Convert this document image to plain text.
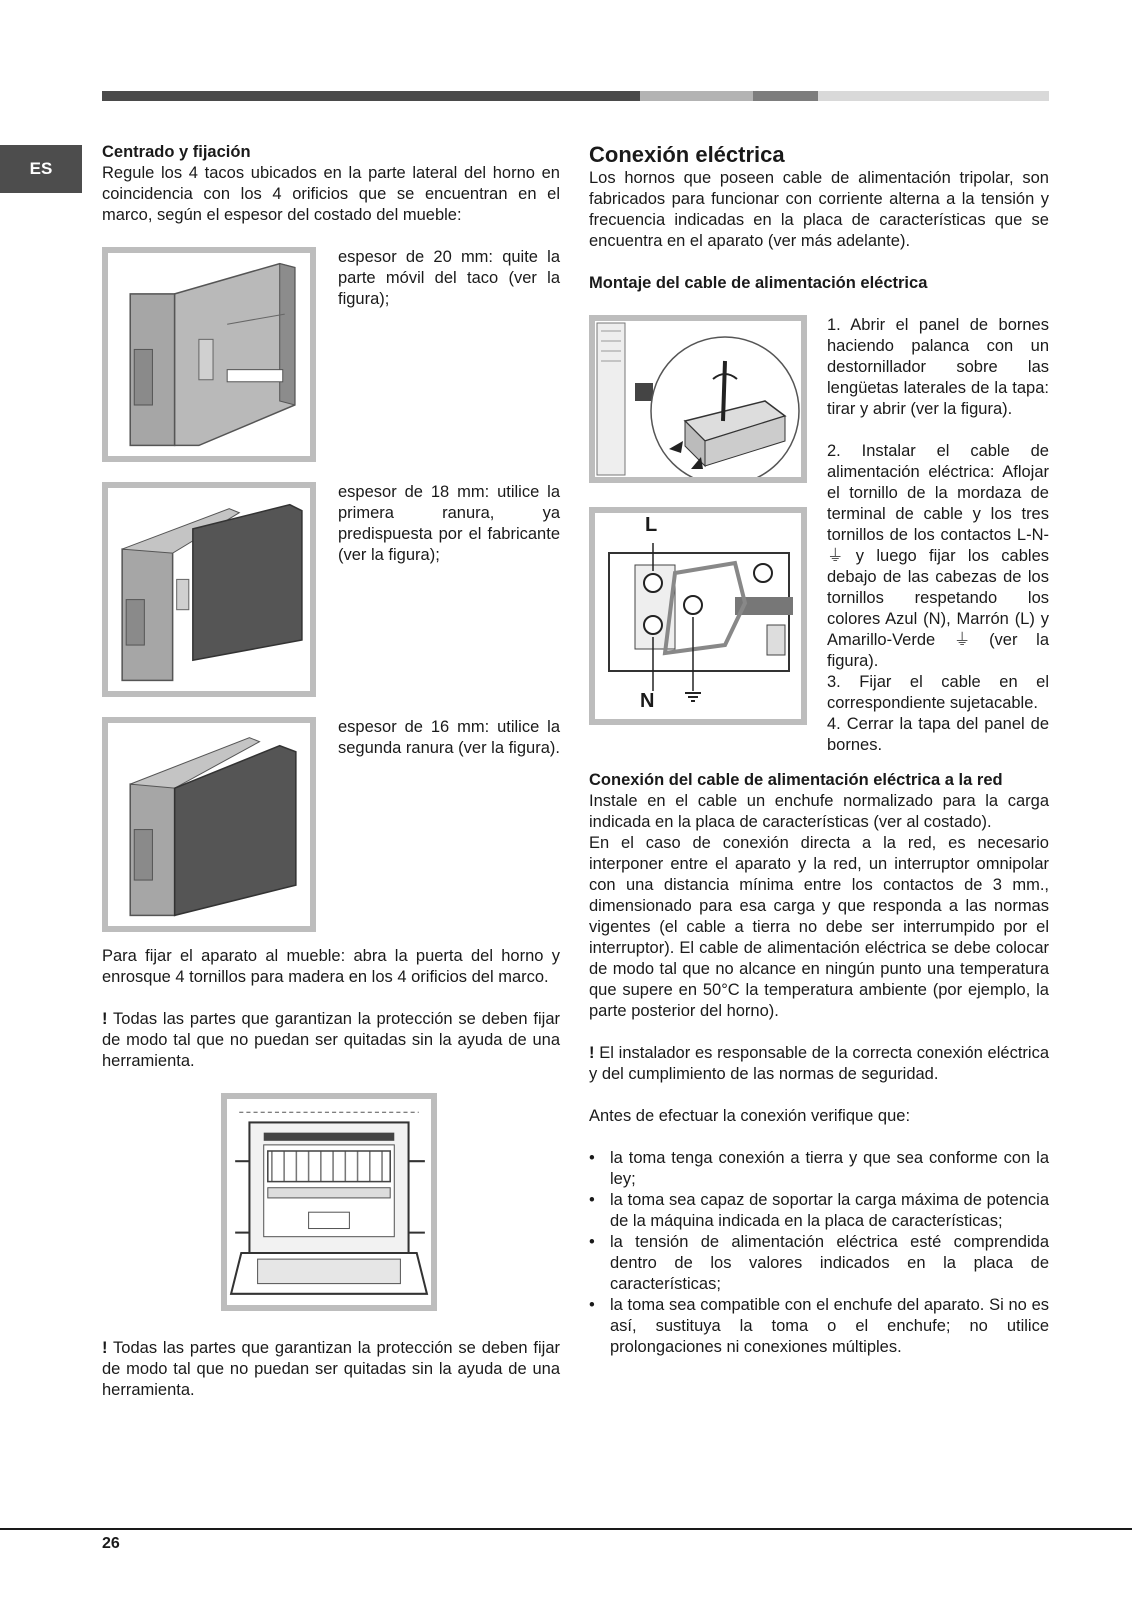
ES

Centrado y fijación

Regule los 4 tacos ubicados en la parte lateral del horno en coincidencia con los 4 orificios que se encuentran en el marco, según el espesor del costado del mueble:

espesor de 20 mm: quite la parte móvil del taco (ver la figura);
espesor de 18 mm: utilice la primera ranura, ya predispuesta por el fabricante (ver la figura);
espesor de 16 mm: utilice la segunda ranura (ver la figura).

Para fijar el aparato al mueble: abra la puerta del horno y enrosque 4 tornillos para madera en los 4 orificios del marco.

! Todas las partes que garantizan la protección se deben fijar de modo tal que no puedan ser quitadas sin la ayuda de una herramienta.

! Todas las partes que garantizan la protección se deben fijar de modo tal que no puedan ser quitadas sin la ayuda de una herramienta.

Conexión eléctrica

Los hornos que poseen cable de alimentación tripolar, son fabricados para funcionar con corriente alterna a la tensión y frecuencia indicadas en la placa de características que se encuentra en el aparato (ver más adelante).

Montaje del cable de alimentación eléctrica

L
N

1. Abrir el panel de bornes haciendo palanca con un destornillador sobre las lengüetas laterales de la tapa: tirar y abrir (ver la figura).

2. Instalar el cable de alimentación eléctrica: Aflojar el tornillo de la mordaza de terminal de cable y los tres tornillos de los contactos L-N-⏚ y luego fijar los cables debajo de las cabezas de los tornillos respetando los colores Azul (N), Marrón (L) y Amarillo-Verde ⏚ (ver la figura).

3. Fijar el cable en el correspondiente sujetacable.

4. Cerrar la tapa del panel de bornes.

Conexión del cable de alimentación eléctrica a la red

Instale en el cable un enchufe normalizado para la carga indicada en la placa de características (ver al costado).

En el caso de conexión directa a la red, es necesario interponer entre el aparato y la red, un interruptor omnipolar con una distancia mínima entre los contactos de 3 mm., dimensionado para esa carga y que responda a las normas vigentes (el cable a tierra no debe ser interrumpido por el interruptor). El cable de alimentación eléctrica se debe colocar de modo tal que no alcance en ningún punto una temperatura que supere en 50°C la temperatura ambiente (por ejemplo, la parte posterior del horno).

! El instalador es responsable de la correcta conexión eléctrica y del cumplimiento de las normas de seguridad.

Antes de efectuar la conexión verifique que:

• la toma tenga conexión a tierra y que sea conforme con la ley;
• la toma sea capaz de soportar la carga máxima de potencia de la máquina indicada en la placa de características;
• la tensión de alimentación eléctrica esté comprendida dentro de los valores indicados en la placa de características;
• la toma sea compatible con el enchufe del aparato. Si no es así, sustituya la toma o el enchufe; no utilice prolongaciones ni conexiones múltiples.
26
